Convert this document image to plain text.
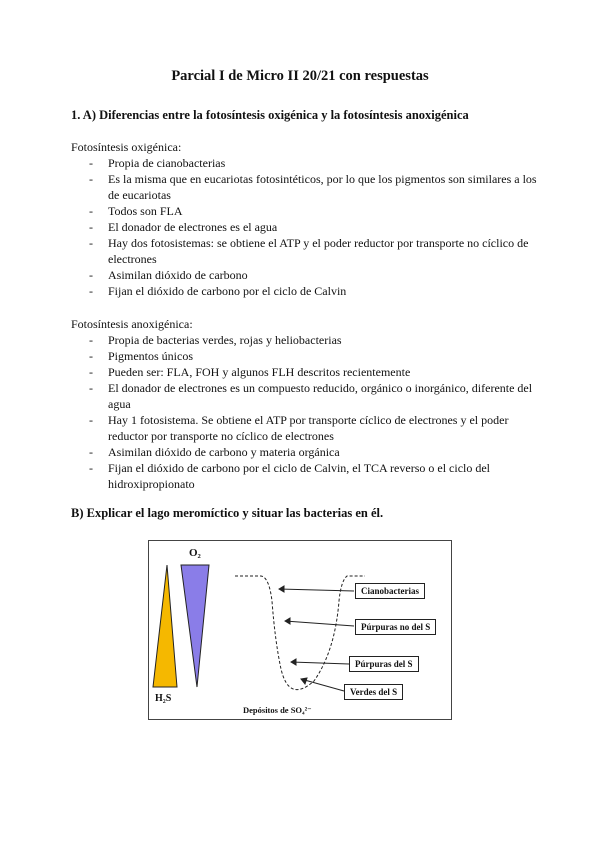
Parcial I de Micro II 20/21 con respuestas
1. A) Diferencias entre la fotosíntesis oxigénica y la fotosíntesis anoxigénica
Fotosíntesis oxigénica:
- Propia de cianobacterias
- Es la misma que en eucariotas fotosintéticos, por lo que los pigmentos son similares a los de eucariotas
- Todos son FLA
- El donador de electrones es el agua
- Hay dos fotosistemas: se obtiene el ATP y el poder reductor por transporte no cíclico de electrones
- Asimilan dióxido de carbono
- Fijan el dióxido de carbono por el ciclo de Calvin
Fotosíntesis anoxigénica:
- Propia de bacterias verdes, rojas y heliobacterias
- Pigmentos únicos
- Pueden ser: FLA, FOH y algunos FLH descritos recientemente
- El donador de electrones es un compuesto reducido, orgánico o inorgánico, diferente del agua
- Hay 1 fotosistema. Se obtiene el ATP por transporte cíclico de electrones y el poder reductor por transporte no cíclico de electrones
- Asimilan dióxido de carbono y materia orgánica
- Fijan el dióxido de carbono por el ciclo de Calvin, el TCA reverso o el ciclo del hidroxipropionato
B) Explicar el lago meromíctico y situar las bacterias en él.
O₂
H₂S
Depósitos de SO₄²⁻
Cianobacterias
Púrpuras no del S
Púrpuras del S
Verdes del S
